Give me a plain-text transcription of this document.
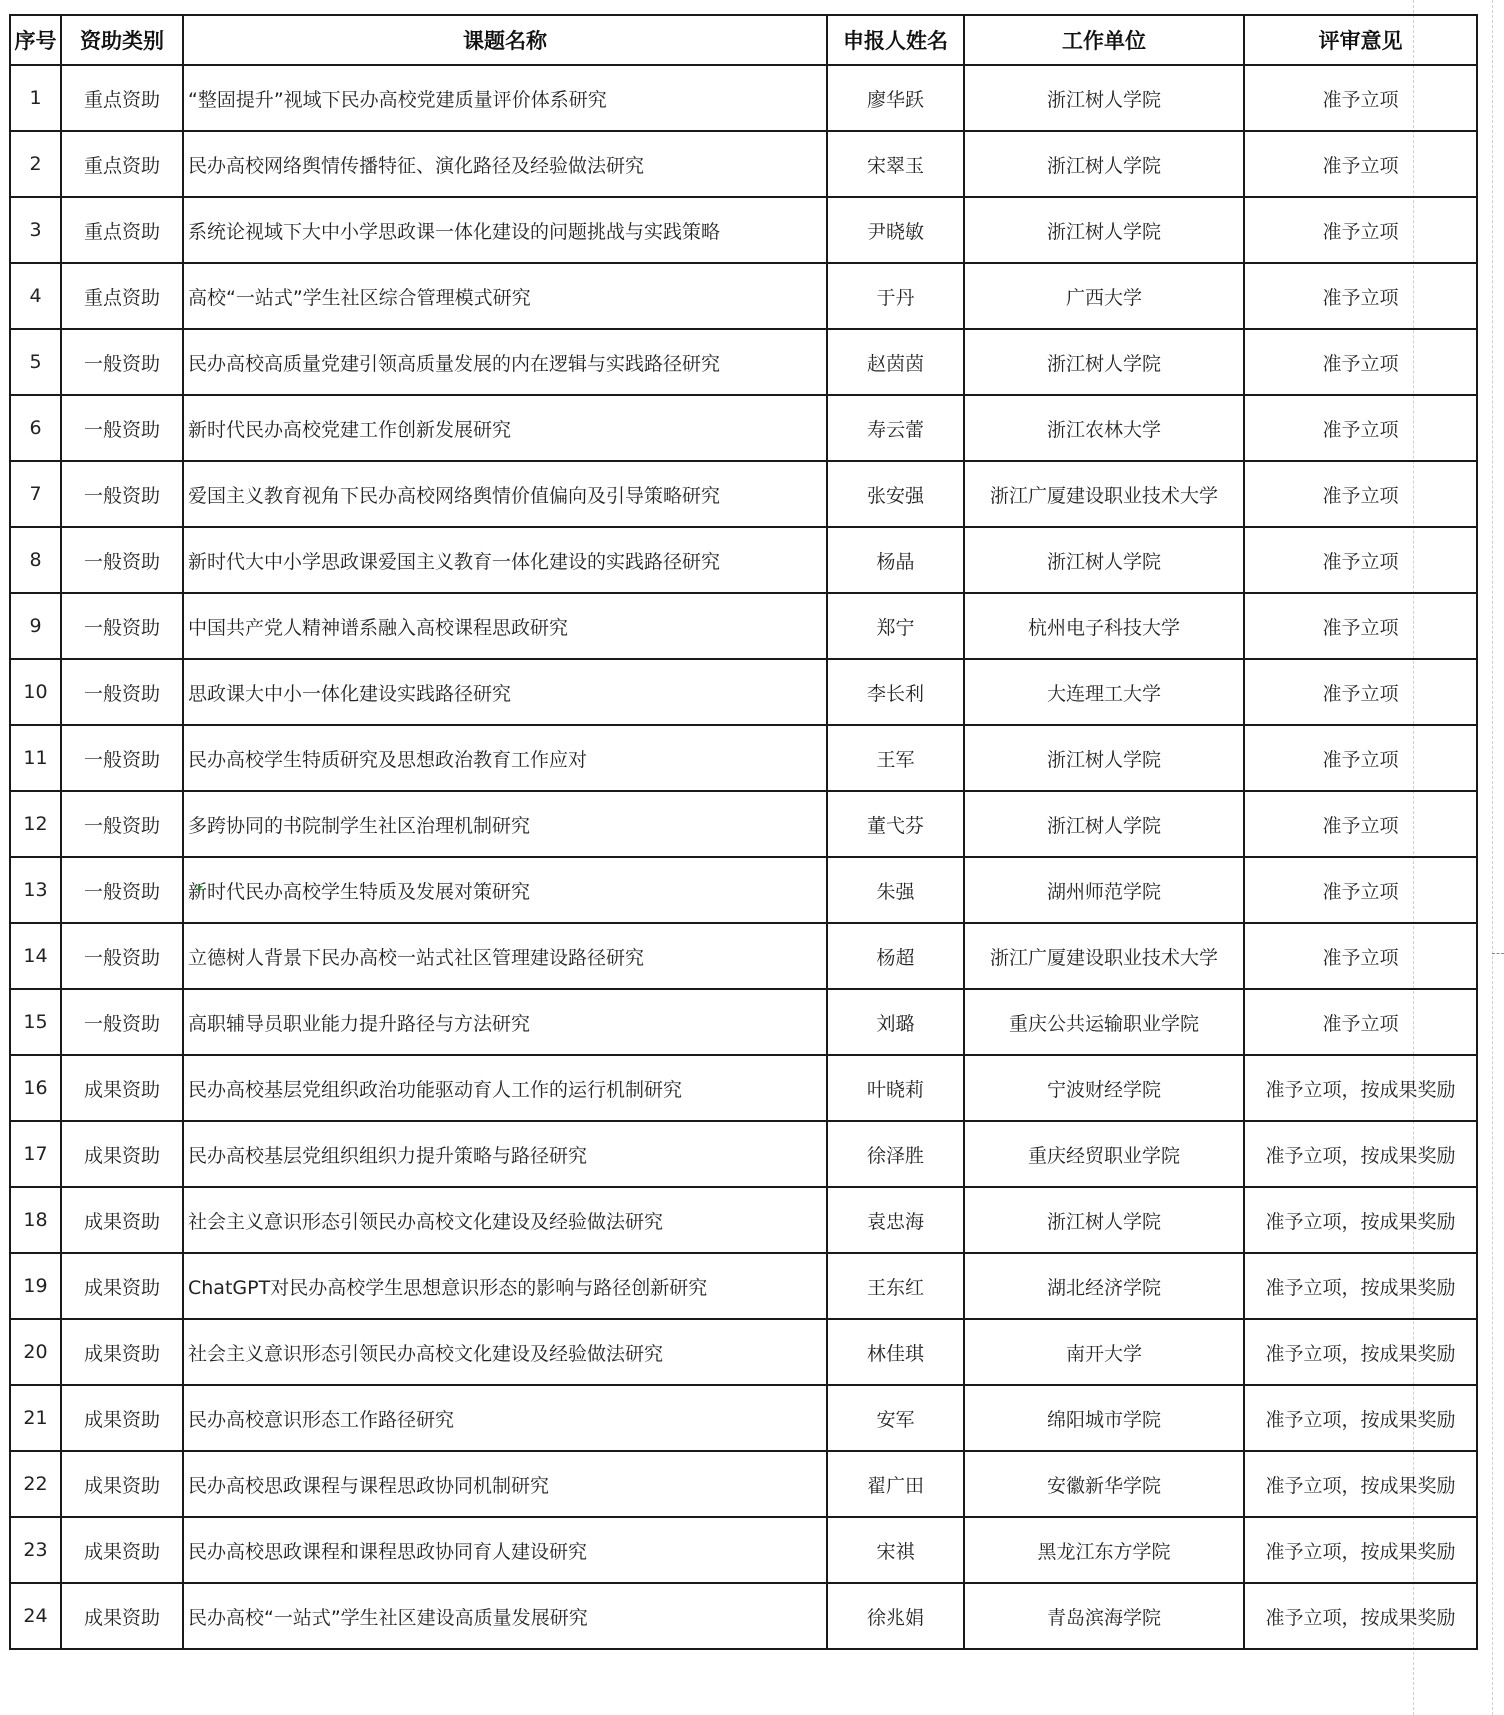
序号	资助类别	课题名称	申报人姓名	工作单位	评审意见
1	重点资助	“整固提升”视域下民办高校党建质量评价体系研究	廖华跃	浙江树人学院	准予立项
2	重点资助	民办高校网络舆情传播特征、演化路径及经验做法研究	宋翠玉	浙江树人学院	准予立项
3	重点资助	系统论视域下大中小学思政课一体化建设的问题挑战与实践策略	尹晓敏	浙江树人学院	准予立项
4	重点资助	高校“一站式”学生社区综合管理模式研究	于丹	广西大学	准予立项
5	一般资助	民办高校高质量党建引领高质量发展的内在逻辑与实践路径研究	赵茵茵	浙江树人学院	准予立项
6	一般资助	新时代民办高校党建工作创新发展研究	寿云蕾	浙江农林大学	准予立项
7	一般资助	爱国主义教育视角下民办高校网络舆情价值偏向及引导策略研究	张安强	浙江广厦建设职业技术大学	准予立项
8	一般资助	新时代大中小学思政课爱国主义教育一体化建设的实践路径研究	杨晶	浙江树人学院	准予立项
9	一般资助	中国共产党人精神谱系融入高校课程思政研究	郑宁	杭州电子科技大学	准予立项
10	一般资助	思政课大中小一体化建设实践路径研究	李长利	大连理工大学	准予立项
11	一般资助	民办高校学生特质研究及思想政治教育工作应对	王军	浙江树人学院	准予立项
12	一般资助	多跨协同的书院制学生社区治理机制研究	董弋芬	浙江树人学院	准予立项
13	一般资助	新时代民办高校学生特质及发展对策研究	朱强	湖州师范学院	准予立项
14	一般资助	立德树人背景下民办高校一站式社区管理建设路径研究	杨超	浙江广厦建设职业技术大学	准予立项
15	一般资助	高职辅导员职业能力提升路径与方法研究	刘璐	重庆公共运输职业学院	准予立项
16	成果资助	民办高校基层党组织政治功能驱动育人工作的运行机制研究	叶晓莉	宁波财经学院	准予立项，按成果奖励
17	成果资助	民办高校基层党组织组织力提升策略与路径研究	徐泽胜	重庆经贸职业学院	准予立项，按成果奖励
18	成果资助	社会主义意识形态引领民办高校文化建设及经验做法研究	袁忠海	浙江树人学院	准予立项，按成果奖励
19	成果资助	ChatGPT对民办高校学生思想意识形态的影响与路径创新研究	王东红	湖北经济学院	准予立项，按成果奖励
20	成果资助	社会主义意识形态引领民办高校文化建设及经验做法研究	林佳琪	南开大学	准予立项，按成果奖励
21	成果资助	民办高校意识形态工作路径研究	安军	绵阳城市学院	准予立项，按成果奖励
22	成果资助	民办高校思政课程与课程思政协同机制研究	翟广田	安徽新华学院	准予立项，按成果奖励
23	成果资助	民办高校思政课程和课程思政协同育人建设研究	宋祺	黑龙江东方学院	准予立项，按成果奖励
24	成果资助	民办高校“一站式”学生社区建设高质量发展研究	徐兆娟	青岛滨海学院	准予立项，按成果奖励
